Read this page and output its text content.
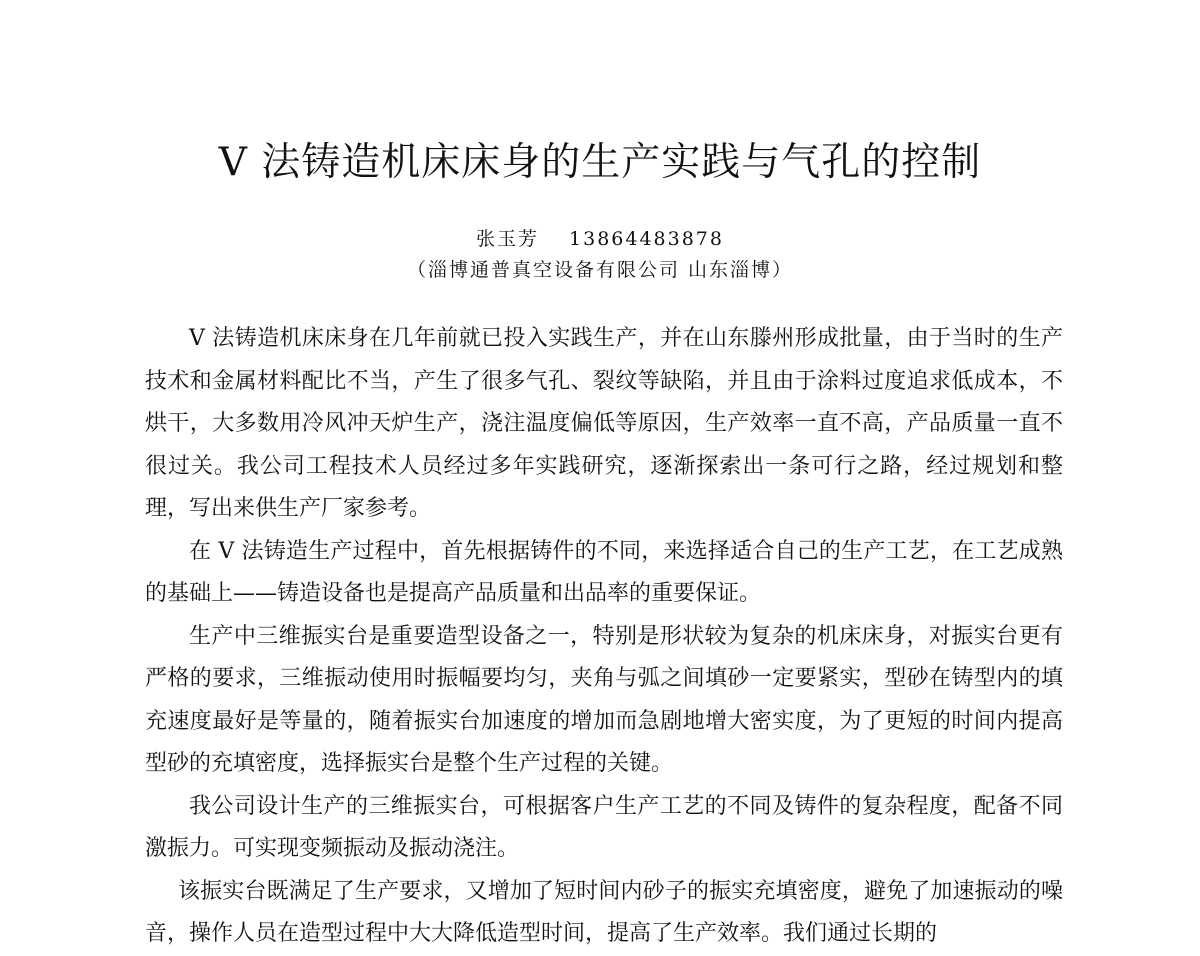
V 法铸造机床床身的生产实践与气孔的控制
张玉芳 13864483878
（淄博通普真空设备有限公司 山东淄博）

V 法铸造机床床身在几年前就已投入实践生产，并在山东滕州形成批量，由于当时的生产技术和金属材料配比不当，产生了很多气孔、裂纹等缺陷，并且由于涂料过度追求低成本，不烘干，大多数用冷风冲天炉生产，浇注温度偏低等原因，生产效率一直不高，产品质量一直不很过关。我公司工程技术人员经过多年实践研究，逐渐探索出一条可行之路，经过规划和整理，写出来供生产厂家参考。

在 V 法铸造生产过程中，首先根据铸件的不同，来选择适合自己的生产工艺，在工艺成熟的基础上——铸造设备也是提高产品质量和出品率的重要保证。

生产中三维振实台是重要造型设备之一，特别是形状较为复杂的机床床身，对振实台更有严格的要求，三维振动使用时振幅要均匀，夹角与弧之间填砂一定要紧实，型砂在铸型内的填充速度最好是等量的，随着振实台加速度的增加而急剧地增大密实度，为了更短的时间内提高型砂的充填密度，选择振实台是整个生产过程的关键。

我公司设计生产的三维振实台，可根据客户生产工艺的不同及铸件的复杂程度，配备不同激振力。可实现变频振动及振动浇注。

该振实台既满足了生产要求，又增加了短时间内砂子的振实充填密度，避免了加速振动的噪音，操作人员在造型过程中大大降低造型时间，提高了生产效率。我们通过长期的
